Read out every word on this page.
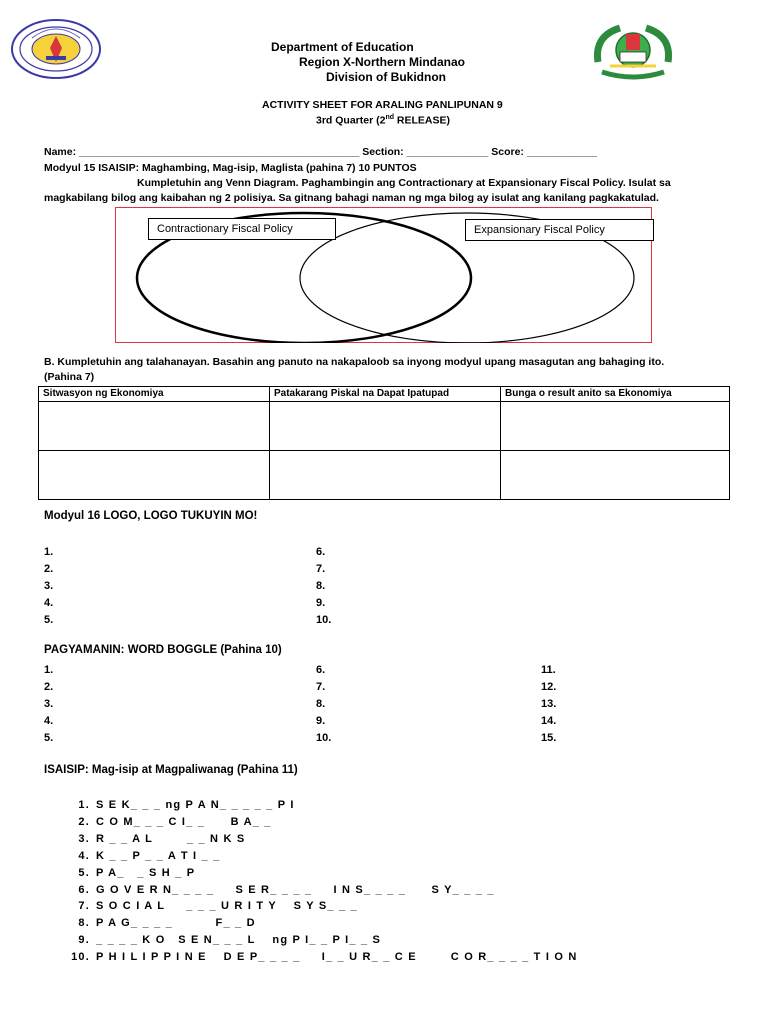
Department of Education
Region X-Northern Mindanao
Division of Bukidnon
ACTIVITY SHEET FOR ARALING PANLIPUNAN 9
3rd Quarter (2nd RELEASE)
Name: ________________________________________________ Section: ______________ Score: ____________
Modyul 15 ISAISIP: Maghambing, Mag-isip, Maglista (pahina 7) 10 PUNTOS
Kumpletuhin ang Venn Diagram. Paghambingin ang Contractionary at Expansionary Fiscal Policy. Isulat sa
magkabilang bilog ang kaibahan ng 2 polisiya. Sa gitnang bahagi naman ng mga bilog ay isulat ang kanilang pagkakatulad.
Contractionary Fiscal Policy	Expansionary Fiscal Policy
B. Kumpletuhin ang talahanayan. Basahin ang panuto na nakapaloob sa inyong modyul upang masagutan ang bahaging ito.
(Pahina 7)
Sitwasyon ng Ekonomiya	Patakarang Piskal na Dapat Ipatupad	Bunga o result anito sa Ekonomiya

Modyul 16 LOGO, LOGO TUKUYIN MO!
1.
2.
3.
4.
5.
6.
7.
8.
9.
10.
PAGYAMANIN: WORD BOGGLE (Pahina 10)
1.
2.
3.
4.
5.
6.
7.
8.
9.
10.
11.
12.
13.
14.
15.
ISAISIP: Mag-isip at Magpaliwanag (Pahina 11)
1. S E K_ _ _ ng P A N_ _ _ _ _ P I
2. C O M_ _ _ C I_ _      B A_ _
3. R _ _ A L        _ _ N K S
4. K _ _ P _ _ A T I _ _
5. P A_   _ S H _ P
6. G O V E R N_ _ _ _     S E R_ _ _ _     I N S_ _ _ _      S Y_ _ _ _
7. S O C I A L     _ _ _ U R I T Y    S Y S_ _ _
8. P A G_ _ _ _          F_ _ D
9. _ _ _ _ K O   S E N_ _ _ L    ng P I_ _ P I_ _ S
10. P H I L I P P I N E    D E P_ _ _ _     I_ _ U R_ _ C E        C O R_ _ _ _ T I O N
